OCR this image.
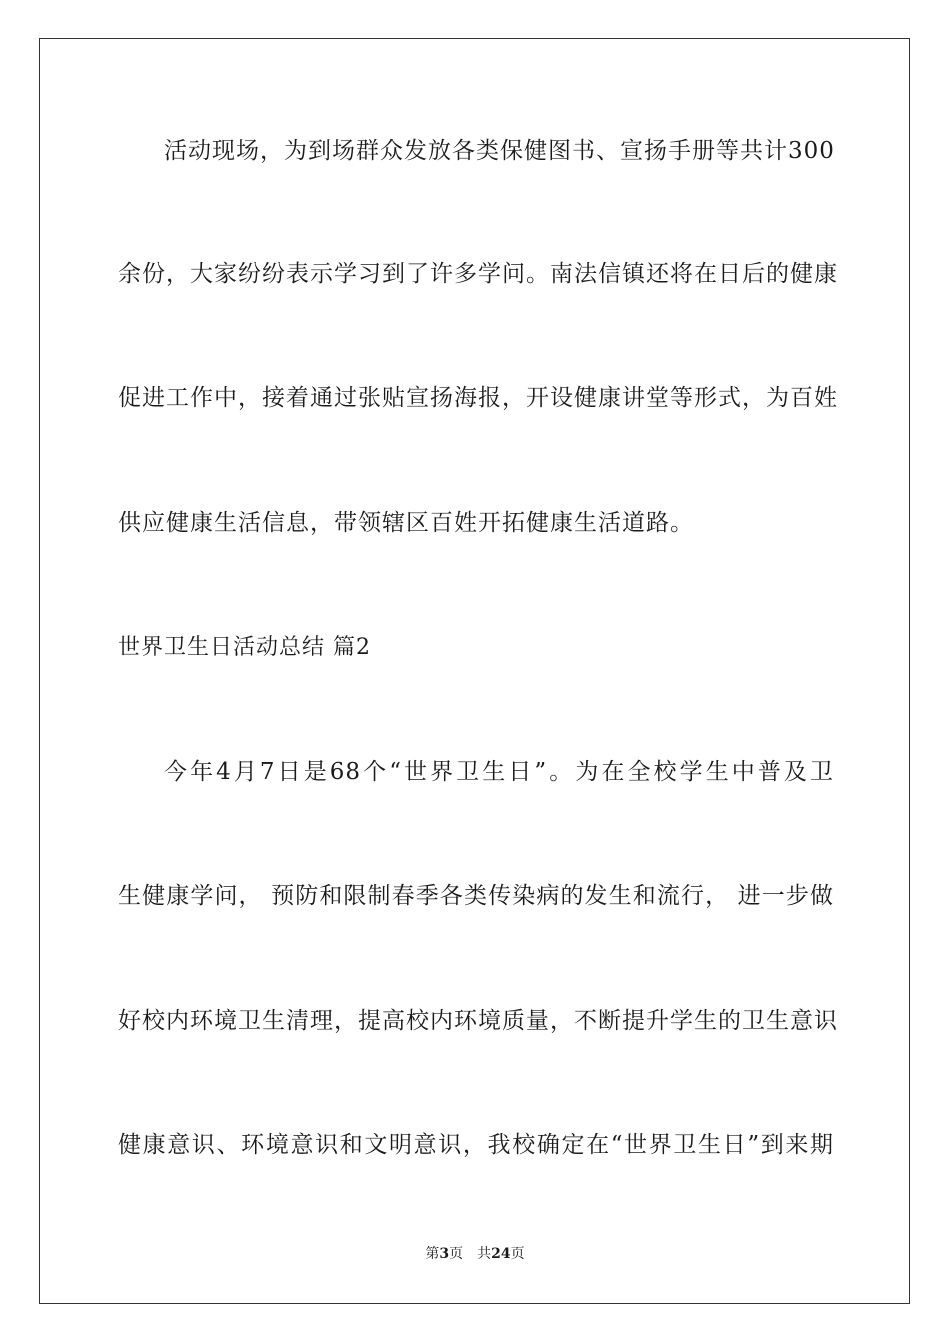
活动现场，为到场群众发放各类保健图书、宣扬手册等共计300
余份，大家纷纷表示学习到了许多学问。南法信镇还将在日后的健康
促进工作中，接着通过张贴宣扬海报，开设健康讲堂等形式，为百姓
供应健康生活信息，带领辖区百姓开拓健康生活道路。
世界卫生日活动总结 篇2
今年4月7日是68个“世界卫生日”。为在全校学生中普及卫
生健康学问， 预防和限制春季各类传染病的发生和流行， 进一步做
好校内环境卫生清理，提高校内环境质量，不断提升学生的卫生意识
健康意识、环境意识和文明意识，我校确定在“世界卫生日”到来期
第3页 共24页
